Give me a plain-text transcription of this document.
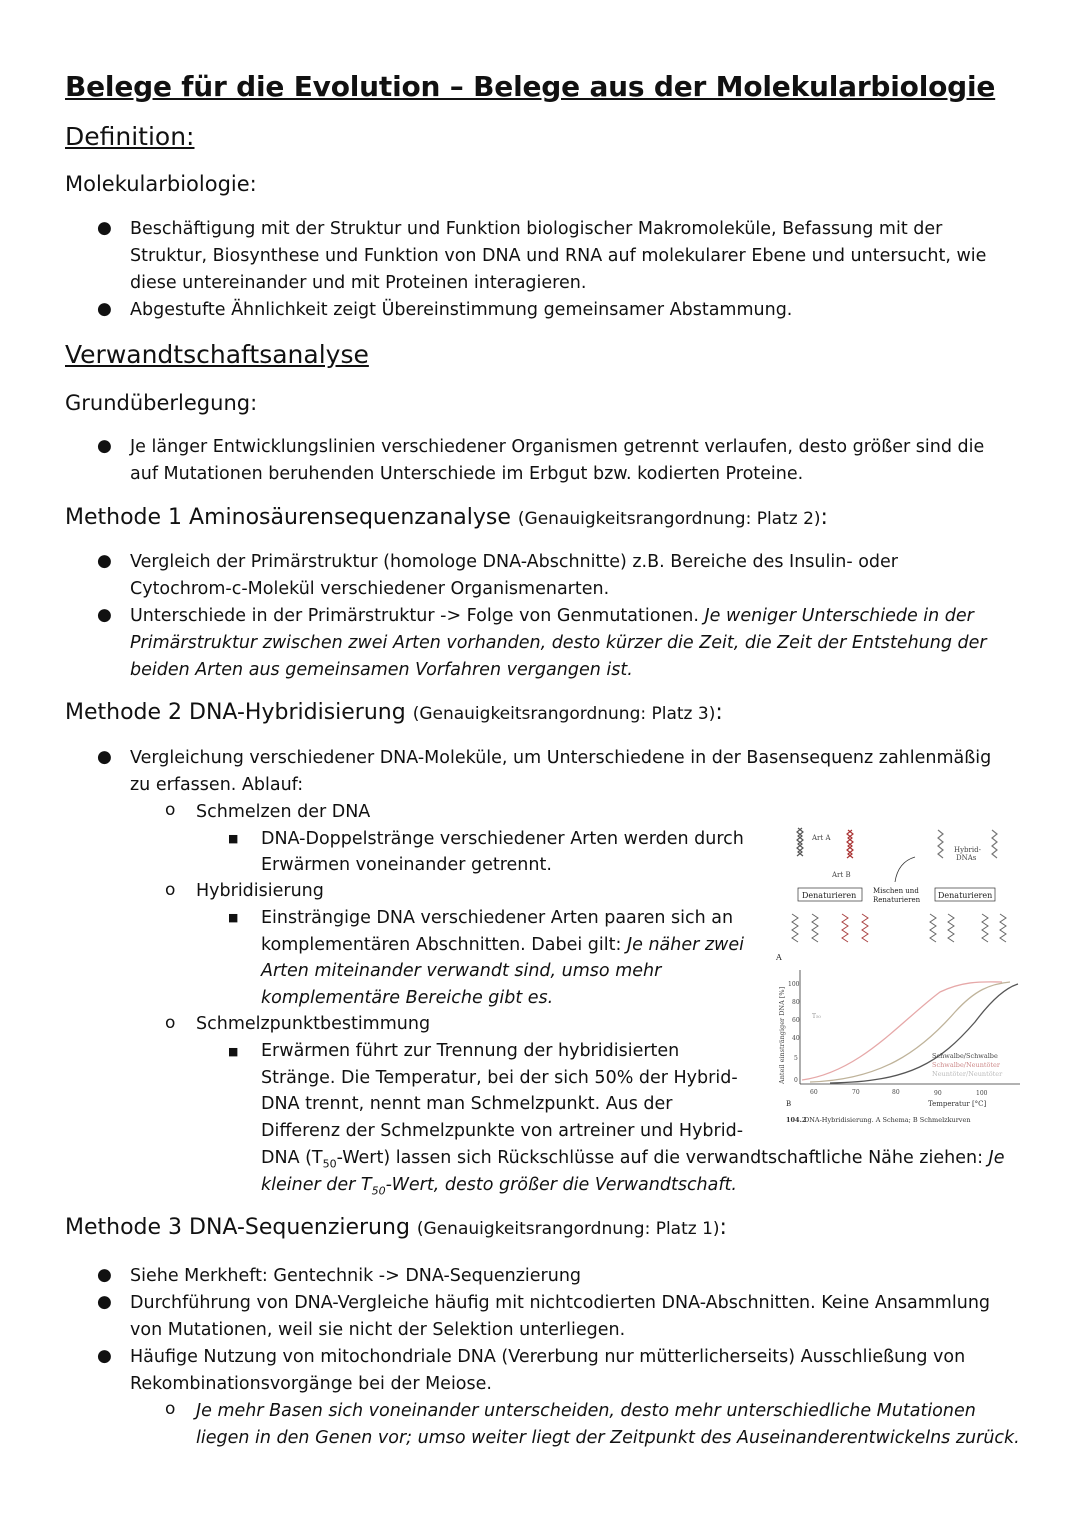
Belege für die Evolution – Belege aus der Molekularbiologie
Definition:
Molekularbiologie:
● Beschäftigung mit der Struktur und Funktion biologischer Makromoleküle, Befassung mit der
Struktur, Biosynthese und Funktion von DNA und RNA auf molekularer Ebene und untersucht, wie
diese untereinander und mit Proteinen interagieren.
● Abgestufte Ähnlichkeit zeigt Übereinstimmung gemeinsamer Abstammung.
Verwandtschaftsanalyse
Grundüberlegung:
● Je länger Entwicklungslinien verschiedener Organismen getrennt verlaufen, desto größer sind die
auf Mutationen beruhenden Unterschiede im Erbgut bzw. kodierten Proteine.
Methode 1 Aminosäurensequenzanalyse (Genauigkeitsrangordnung: Platz 2):
● Vergleich der Primärstruktur (homologe DNA-Abschnitte) z.B. Bereiche des Insulin- oder
Cytochrom-c-Molekül verschiedener Organismenarten.
● Unterschiede in der Primärstruktur -> Folge von Genmutationen. Je weniger Unterschiede in der
Primärstruktur zwischen zwei Arten vorhanden, desto kürzer die Zeit, die Zeit der Entstehung der
beiden Arten aus gemeinsamen Vorfahren vergangen ist.
Methode 2 DNA-Hybridisierung (Genauigkeitsrangordnung: Platz 3):
● Vergleichung verschiedener DNA-Moleküle, um Unterschiedene in der Basensequenz zahlenmäßig
zu erfassen. Ablauf:
o Schmelzen der DNA
■ DNA-Doppelstränge verschiedener Arten werden durch
Erwärmen voneinander getrennt.
o Hybridisierung
■ Einsträngige DNA verschiedener Arten paaren sich an
komplementären Abschnitten. Dabei gilt: Je näher zwei
Arten miteinander verwandt sind, umso mehr
komplementäre Bereiche gibt es.
o Schmelzpunktbestimmung
■ Erwärmen führt zur Trennung der hybridisierten
Stränge. Die Temperatur, bei der sich 50% der Hybrid-
DNA trennt, nennt man Schmelzpunkt. Aus der
Differenz der Schmelzpunkte von artreiner und Hybrid-
DNA $(T_{50}-Wert)$ lassen sich Rückschlüsse auf die verwandtschaftliche Nähe ziehen: Je
kleiner der $T_{50}$-Wert, desto größer die Verwandtschaft.
Art A
Art B
Hybrid-
DNAs
Denaturieren Mischen und
Renaturieren Denaturieren
A
Anteil einsträngiger DNA [%]
100
80
60
40
5
0
T₅₀
60	70	80	90	100
Temperatur [°C]
Schwalbe/Schwalbe
Schwalbe/Neuntöter
Neuntöter/Neuntöter
B
104.2
DNA-Hybridisierung. A Schema; B Schmelzkurven
Methode 3 DNA-Sequenzierung (Genauigkeitsrangordnung: Platz 1):
● Siehe Merkheft: Gentechnik -> DNA-Sequenzierung
● Durchführung von DNA-Vergleiche häufig mit nichtcodierten DNA-Abschnitten. Keine Ansammlung
von Mutationen, weil sie nicht der Selektion unterliegen.
● Häufige Nutzung von mitochondriale DNA (Vererbung nur mütterlicherseits) Ausschließung von
Rekombinationsvorgänge bei der Meiose.
o Je mehr Basen sich voneinander unterscheiden, desto mehr unterschiedliche Mutationen
liegen in den Genen vor; umso weiter liegt der Zeitpunkt des Auseinanderentwickelns zurück.
